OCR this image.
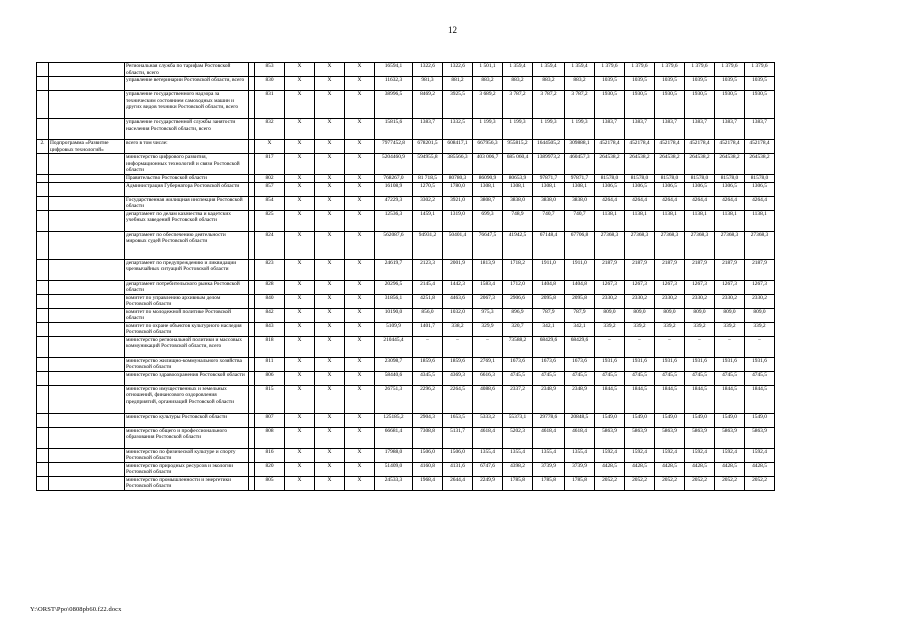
12
		Региональная служба по тарифам Ростовской области, всего		853	Х	Х	Х	16594,1	1322,6	1322,6	1 501,1	1 359,4	1 359,4	1 359,4	1 379,6	1 379,6	1 379,6	1 379,6	1 379,6	1 379,6
		управление ветеринарии Ростовской области, всего		830	Х	Х	Х	11632,3	981,3	881,2	883,2	883,2	883,2	883,2	1039,5	1039,5	1039,5	1039,5	1039,5	1039,5
		управление государственного надзора за техническим состоянием самоходных машин и других видов техники Ростовской области, всего		831	Х	Х	Х	38996,5	8469,2	3925,5	3 689,2	3 787,2	3 787,2	3 787,2	1930,5	1930,5	1930,5	1930,5	1930,5	1930,5
		управление государственной службы занятости населения Ростовской области, всего		832	Х	Х	Х	15815,6	1383,7	1332,5	1 199,3	1 199,3	1 199,3	1 199,3	1383,7	1383,7	1383,7	1383,7	1383,7	1383,7
2.	Подпрограмма «Развитие цифровых технологий»	всего в том числе:		Х	Х	Х	Х	7977452,8	678201,5	608417,1	667956,3	955815,2	1644505,2	309888,1	452178,4	452178,4	452178,4	452178,4	452178,4	452178,4
		министерство цифрового развития, информационных технологий и связи Ростовской области		817	Х	Х	Х	5204460,9	594955,8	385566,3	403 006,7	685 060,4	1389973,2	460457,3	264538,2	264538,2	264538,2	264538,2	264538,2	264538,2
		Правительство Ростовской области		802	Х	Х	Х	768267,0	81 718,5	80780,3	86090,9	80653,9	97871,7	97871,7	81578,0	81578,0	81578,0	81578,0	81578,0	81578,0
		Администрация Губернатора Ростовской области		857	Х	Х	Х	16108,9	1270,5	1780,0	1308,1	1308,1	1308,1	1308,1	1306,5	1306,5	1306,5	1306,5	1306,5	1306,5
		Государственная жилищная инспекция Ростовской области		854	Х	Х	Х	47229,3	3302,2	3921,0	3808,7	3838,0	3838,0	3838,0	4264,4	4264,4	4264,4	4264,4	4264,4	4264,4
		департамент по делам казачества и кадетских учебных заведений Ростовской области		825	Х	Х	Х	12536,3	1459,1	1319,0	699,3	748,9	740,7	740,7	1138,1	1138,1	1138,1	1138,1	1138,1	1138,1
		департамент по обеспечению деятельности мировых судей Ростовской области		824	Х	Х	Х	562087,6	94931,2	50401,4	76647,5	41942,5	67148,4	67706,8	27368,3	27368,3	27368,3	27368,3	27368,3	27368,3
		департамент по предупреждению и ликвидации чрезвычайных ситуаций Ростовской области		823	Х	Х	Х	24619,7	2123,3	2001,9	1813,9	1718,2	1911,0	1911,0	2187,9	2187,9	2187,9	2187,9	2187,9	2187,9
		департамент потребительского рынка Ростовской области		828	Х	Х	Х	20296,5	2145,4	1442,3	1583,4	1712,0	1404,8	1404,8	1267,3	1267,3	1267,3	1267,3	1267,3	1267,3
		комитет по управлению архивным делом Ростовской области		840	Х	Х	Х	31856,1	4251,8	4463,6	2067,3	2906,6	2095,8	2095,8	2330,2	2330,2	2330,2	2330,2	2330,2	2330,2
		комитет по молодежной политике Ростовской области		842	Х	Х	Х	10190,0	856,0	1032,0	975,3	896,9	787,9	787,9	809,0	809,0	809,0	809,0	809,0	809,0
		комитет по охране объектов культурного наследия Ростовской области		843	Х	Х	Х	5109,9	1401,7	338,2	329,9	320,7	342,1	342,1	339,2	339,2	339,2	339,2	339,2	339,2
		министерство региональной политики и массовых коммуникаций Ростовской области, всего		818	Х	Х	Х	210445,4	–	–	–	73588,2	68429,6	68429,6	–	–	–	–	–	–
		министерство жилищно-коммунального хозяйства Ростовской области		811	Х	Х	Х	23098,7	1859,6	1859,6	2769,1	1673,6	1673,6	1673,6	1931,6	1931,6	1931,6	1931,6	1931,6	1931,6
		министерство здравоохранения Ростовской области		806	Х	Х	Х	58440,6	4345,5	4369,3	6616,3	4745,5	4745,5	4745,5	4745,5	4745,5	4745,5	4745,5	4745,5	4745,5
		министерство имущественных и земельных отношений, финансового оздоровления предприятий, организаций Ростовской области		815	Х	Х	Х	26751,3	2296,2	2264,5	4088,6	2337,2	2348,9	2348,9	1844,5	1844,5	1844,5	1844,5	1844,5	1844,5
		министерство культуры Ростовской области		807	Х	Х	Х	125185,2	2904,3	1653,5	5333,2	55373,1	29778,6	20848,5	1549,0	1549,0	1549,0	1549,0	1549,0	1549,0
		министерство общего и профессионального образования Ростовской области		808	Х	Х	Х	66681,4	7308,8	5131,7	4618,4	5202,3	4618,4	4618,4	5863,9	5863,9	5863,9	5863,9	5863,9	5863,9
		министерство по физической культуре и спорту Ростовской области		816	Х	Х	Х	17988,0	1506,0	1506,0	1355,4	1355,4	1355,4	1355,4	1592,4	1592,4	1592,4	1592,4	1592,4	1592,4
		министерство природных ресурсов и экологии Ростовской области		820	Х	Х	Х	51409,0	4160,8	4131,6	6747,6	4398,2	3739,9	3739,9	4428,5	4428,5	4428,5	4428,5	4428,5	4428,5
		министерство промышленности и энергетики Ростовской области		805	Х	Х	Х	24533,3	1968,4	2644,4	2249,9	1785,8	1785,8	1785,8	2052,2	2052,2	2052,2	2052,2	2052,2	2052,2
Y:\ORST\Ppo\0808pb60.f22.docx
